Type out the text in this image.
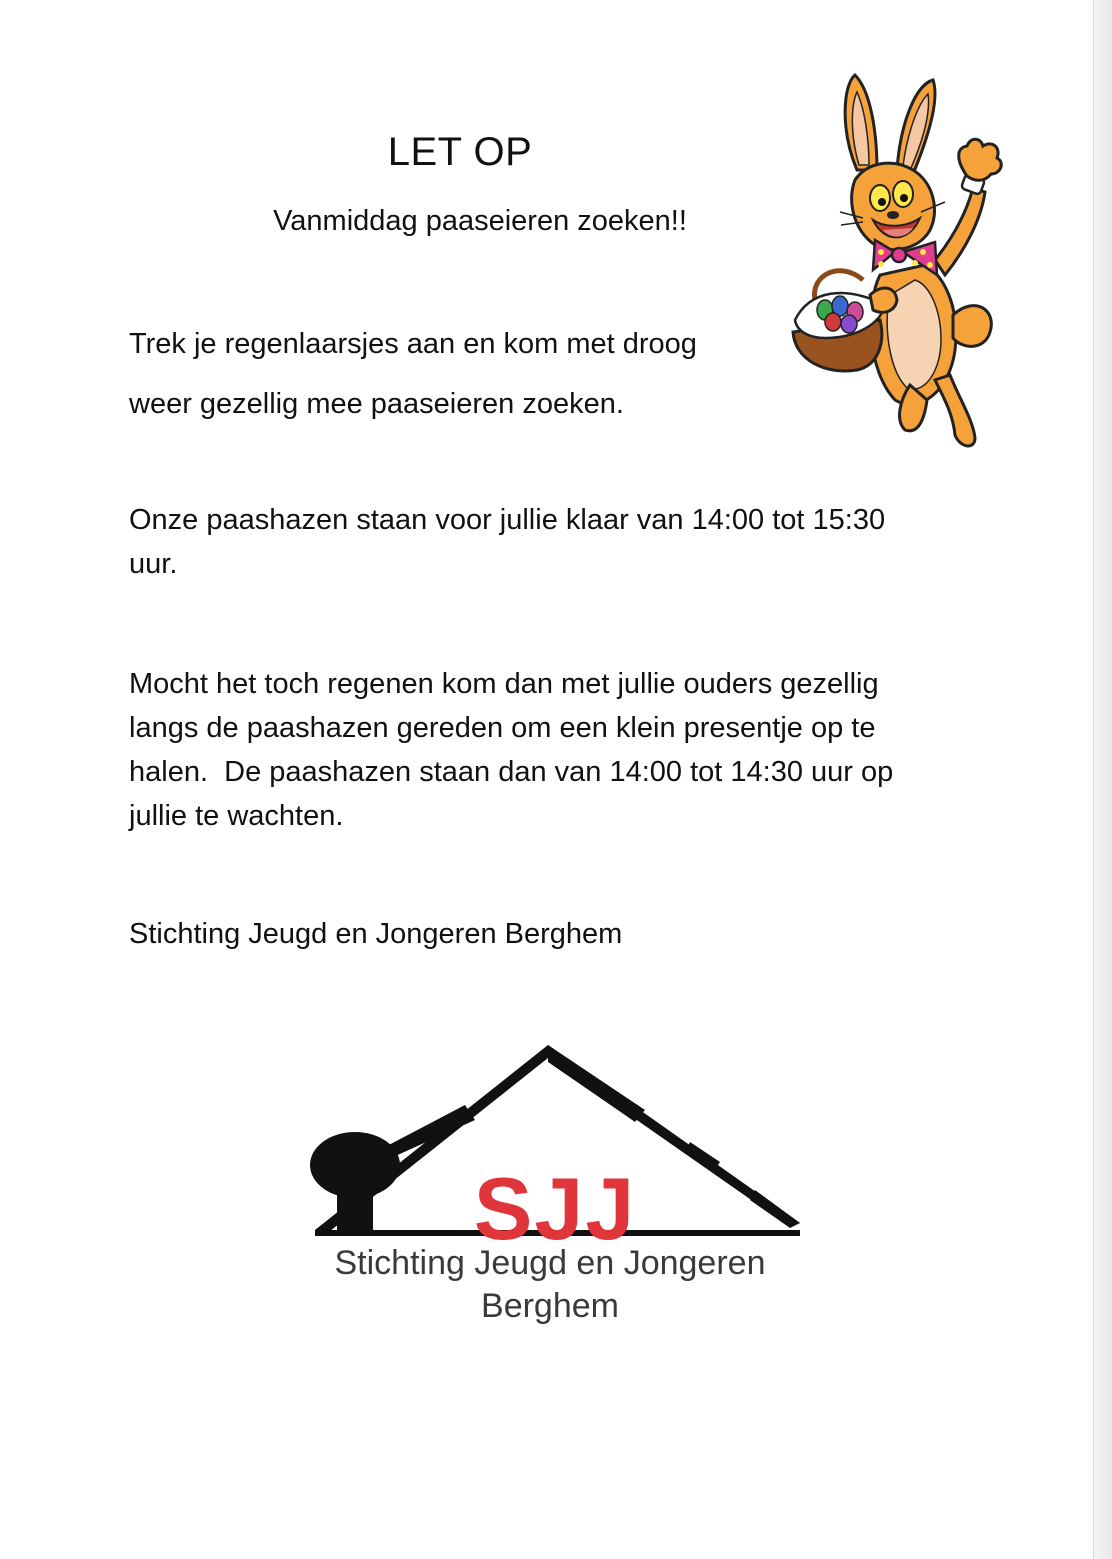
LET OP
Vanmiddag paaseieren zoeken!!

Trek je regenlaarsjes aan en kom met droog

weer gezellig mee paaseieren zoeken.

Onze paashazen staan voor jullie klaar van 14:00 tot 15:30
uur.
Mocht het toch regenen kom dan met jullie ouders gezellig
langs de paashazen gereden om een klein presentje op te
halen.  De paashazen staan dan van 14:00 tot 14:30 uur op
jullie te wachten.
Stichting Jeugd en Jongeren Berghem
SJJ
Stichting Jeugd en Jongeren
Berghem
